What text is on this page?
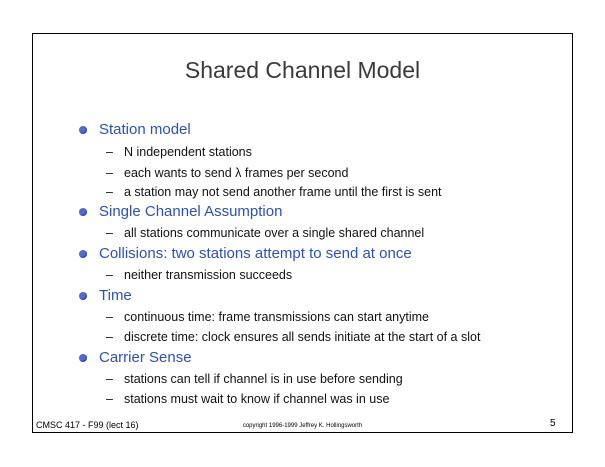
Shared Channel Model
Station model
– N independent stations
– each wants to send λ frames per second
– a station may not send another frame until the first is sent
Single Channel Assumption
– all stations communicate over a single shared channel
Collisions: two stations attempt to send at once
– neither transmission succeeds
Time
– continuous time: frame transmissions can start anytime
– discrete time: clock ensures all sends initiate at the start of a slot
Carrier Sense
– stations can tell if channel is in use before sending
– stations must wait to know if channel was in use
CMSC 417 - F99 (lect 16)	copyright 1996-1999 Jeffrey K. Hollingsworth	5
